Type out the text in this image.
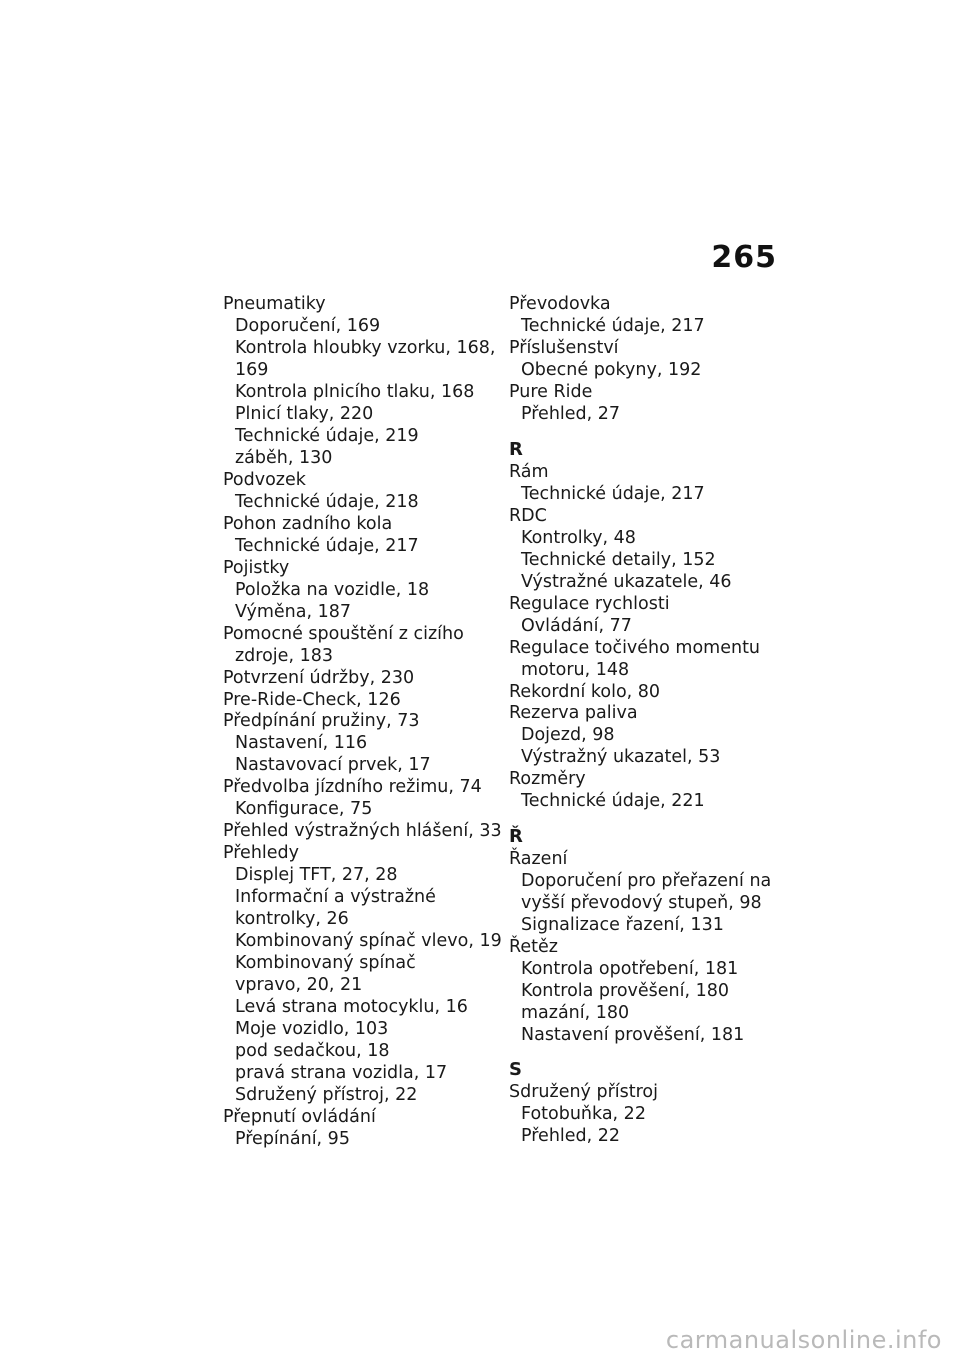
265
Pneumatiky
Doporučení, 169
Kontrola hloubky vzorku, 168,
169
Kontrola plnicího tlaku, 168
Plnicí tlaky, 220
Technické údaje, 219
záběh, 130
Podvozek
Technické údaje, 218
Pohon zadního kola
Technické údaje, 217
Pojistky
Položka na vozidle, 18
Výměna, 187
Pomocné spouštění z cizího
zdroje, 183
Potvrzení údržby, 230
Pre-Ride-Check, 126
Předpínání pružiny, 73
Nastavení, 116
Nastavovací prvek, 17
Předvolba jízdního režimu, 74
Konfigurace, 75
Přehled výstražných hlášení, 33
Přehledy
Displej TFT, 27, 28
Informační a výstražné
kontrolky, 26
Kombinovaný spínač vlevo, 19
Kombinovaný spínač
vpravo, 20, 21
Levá strana motocyklu, 16
Moje vozidlo, 103
pod sedačkou, 18
pravá strana vozidla, 17
Sdružený přístroj, 22
Přepnutí ovládání
Přepínání, 95
Převodovka
Technické údaje, 217
Příslušenství
Obecné pokyny, 192
Pure Ride
Přehled, 27
R
Rám
Technické údaje, 217
RDC
Kontrolky, 48
Technické detaily, 152
Výstražné ukazatele, 46
Regulace rychlosti
Ovládání, 77
Regulace točivého momentu
motoru, 148
Rekordní kolo, 80
Rezerva paliva
Dojezd, 98
Výstražný ukazatel, 53
Rozměry
Technické údaje, 221
Ř
Řazení
Doporučení pro přeřazení na
vyšší převodový stupeň, 98
Signalizace řazení, 131
Řetěz
Kontrola opotřebení, 181
Kontrola prověšení, 180
mazání, 180
Nastavení prověšení, 181
S
Sdružený přístroj
Fotobuňka, 22
Přehled, 22
carmanualsonline.info
